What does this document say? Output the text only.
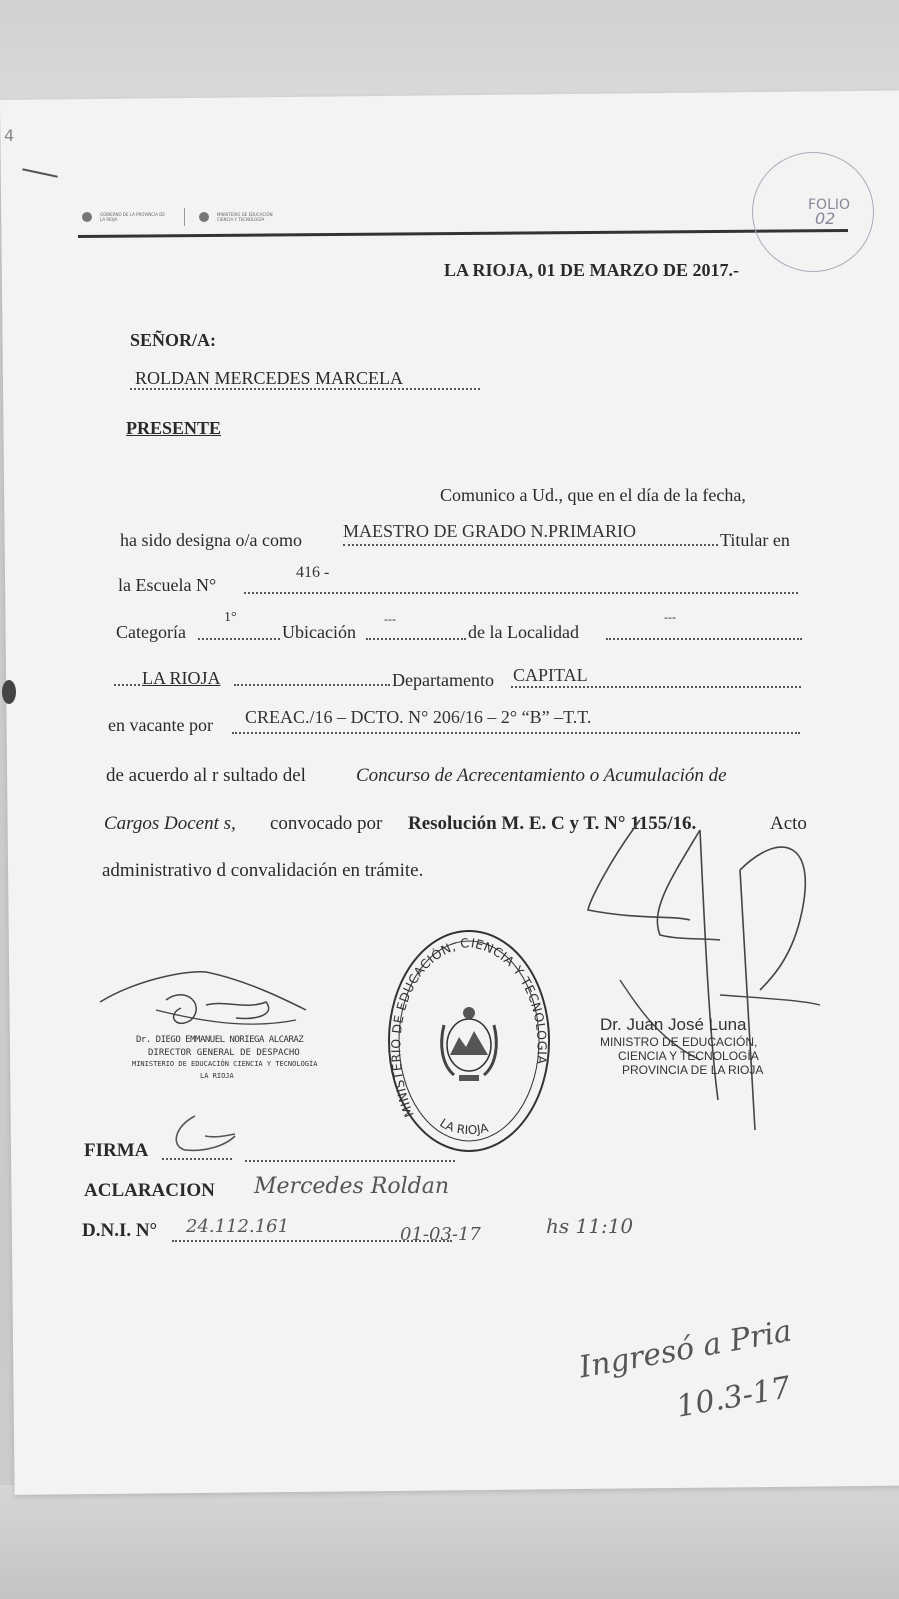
4
GOBIERNO DE LA PROVINCIA DE LA RIOJA
MINISTERIO DE EDUCACIÓN CIENCIA Y TECNOLOGÍA
FOLIO
02
LA RIOJA, 01 DE MARZO DE 2017.-
SEÑOR/A:
ROLDAN MERCEDES MARCELA
PRESENTE
Comunico a Ud., que en el día de la fecha,
ha sido designa o/a como MAESTRO DE GRADO N.PRIMARIO	Titular en
la Escuela N°
416 -
Categoría
1°
Ubicación
---
de la Localidad
---
LA RIOJA	Departamento CAPITAL
en vacante por CREAC./16 – DCTO. N° 206/16 – 2° “B” –T.T.
de acuerdo al r sultado del	Concurso de Acrecentamiento o Acumulación de
Cargos Docent s, convocado por Resolución M. E. C y T. N° 1155/16.	Acto
administrativo d convalidación en trámite.
Dr. DIEGO EMMANUEL NORIEGA ALCARAZ
DIRECTOR GENERAL DE DESPACHO
MINISTERIO DE EDUCACIÓN CIENCIA Y TECNOLOGÍA
LA RIOJA
MINISTERIO DE EDUCACIÓN, CIENCIA Y TECNOLOGÍA
LA RIOJA
Dr. Juan José Luna
MINISTRO DE EDUCACIÓN,
CIENCIA Y TECNOLOGÍA
PROVINCIA DE LA RIOJA
FIRMA
ACLARACION Mercedes Roldan
D.N.I. N° 24.112.161	01-03-17	hs 11:10
Ingresó a Pria
10.3-17
